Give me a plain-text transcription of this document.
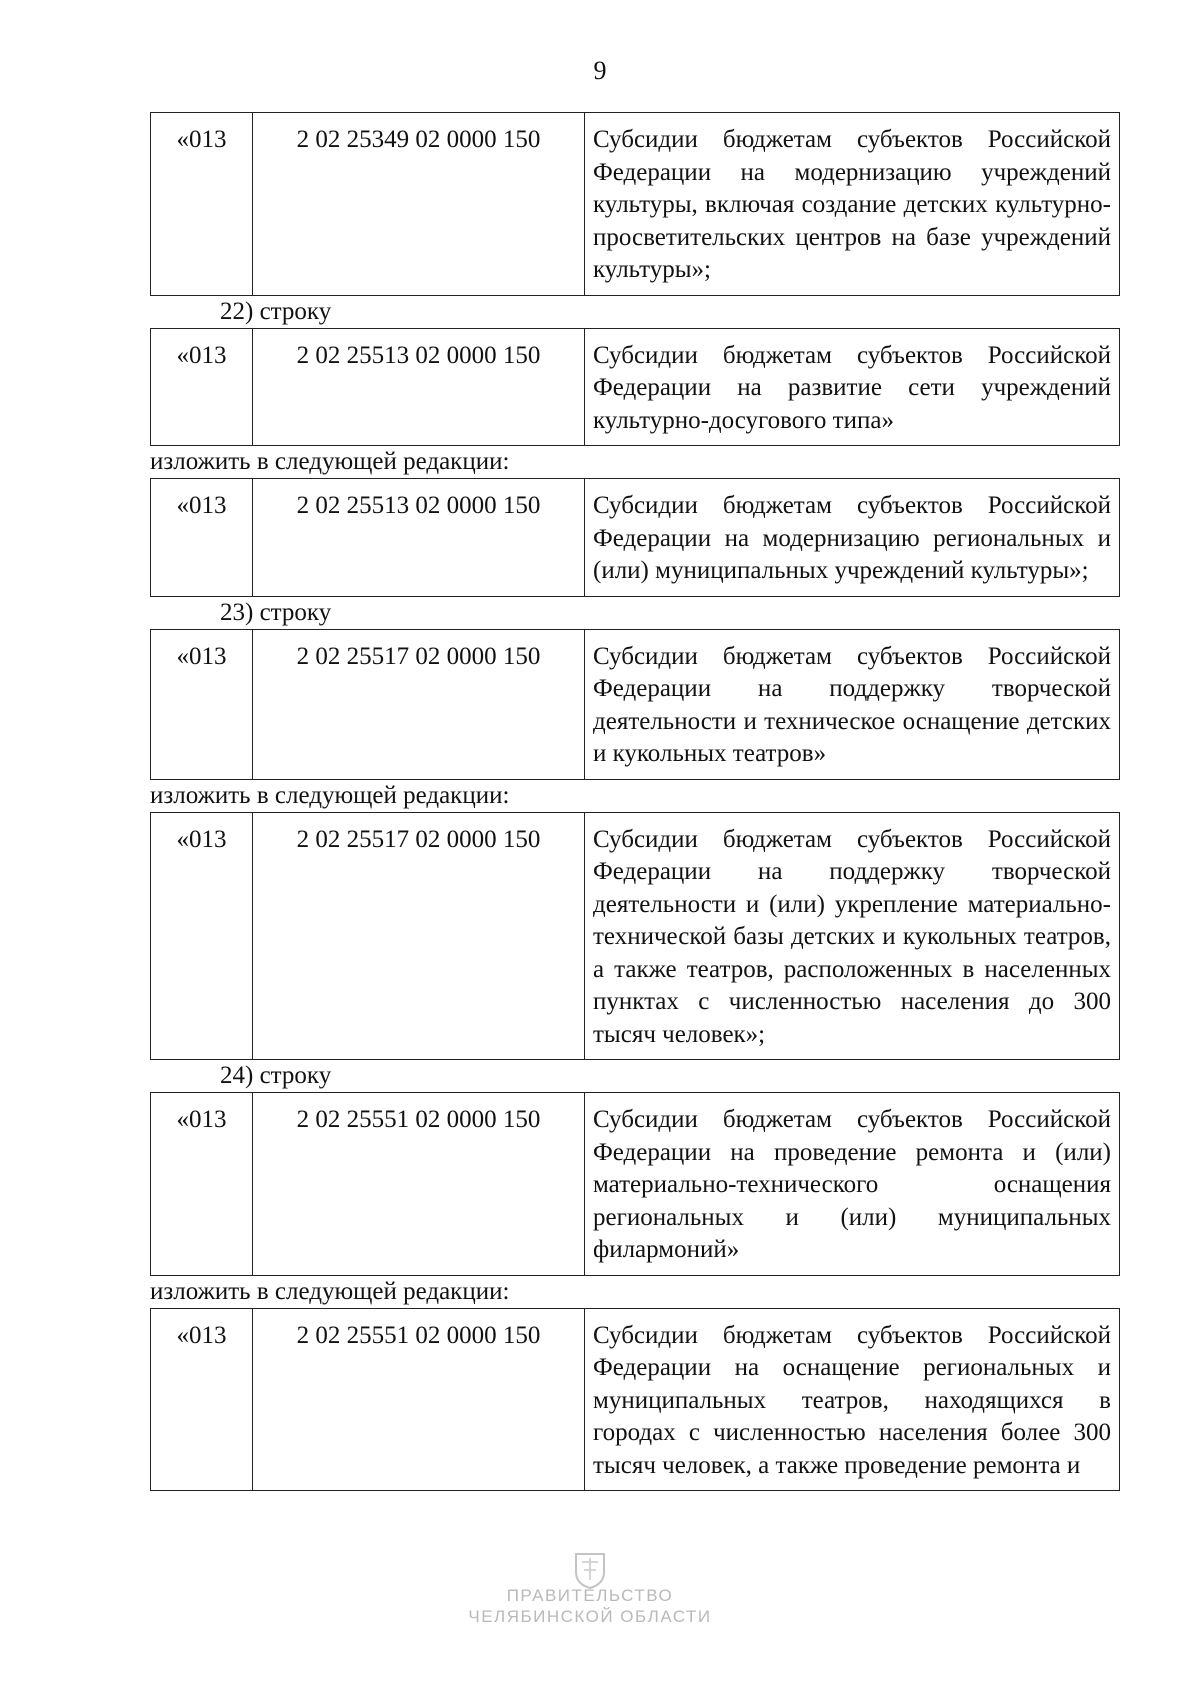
9
«013	2 02 25349 02 0000 150	Субсидии бюджетам субъектов Российской Федерации на модернизацию учреждений культуры, включая создание детских культурно-просветительских центров на базе учреждений культуры»;
22) строку
«013	2 02 25513 02 0000 150	Субсидии бюджетам субъектов Российской Федерации на развитие сети учреждений культурно-досугового типа»
изложить в следующей редакции:
«013	2 02 25513 02 0000 150	Субсидии бюджетам субъектов Российской Федерации на модернизацию региональных и (или) муниципальных учреждений культуры»;
23) строку
«013	2 02 25517 02 0000 150	Субсидии бюджетам субъектов Российской Федерации на поддержку творческой деятельности и техническое оснащение детских и кукольных театров»
изложить в следующей редакции:
«013	2 02 25517 02 0000 150	Субсидии бюджетам субъектов Российской Федерации на поддержку творческой деятельности и (или) укрепление материально-технической базы детских и кукольных театров, а также театров, расположенных в населенных пунктах с численностью населения до 300 тысяч человек»;
24) строку
«013	2 02 25551 02 0000 150	Субсидии бюджетам субъектов Российской Федерации на проведение ремонта и (или) материально-технического оснащения региональных и (или) муниципальных филармоний»
изложить в следующей редакции:
«013	2 02 25551 02 0000 150	Субсидии бюджетам субъектов Российской Федерации на оснащение региональных и муниципальных театров, находящихся в городах с численностью населения более 300 тысяч человек, а также проведение ремонта и
ПРАВИТЕЛЬСТВО
ЧЕЛЯБИНСКОЙ ОБЛАСТИ
